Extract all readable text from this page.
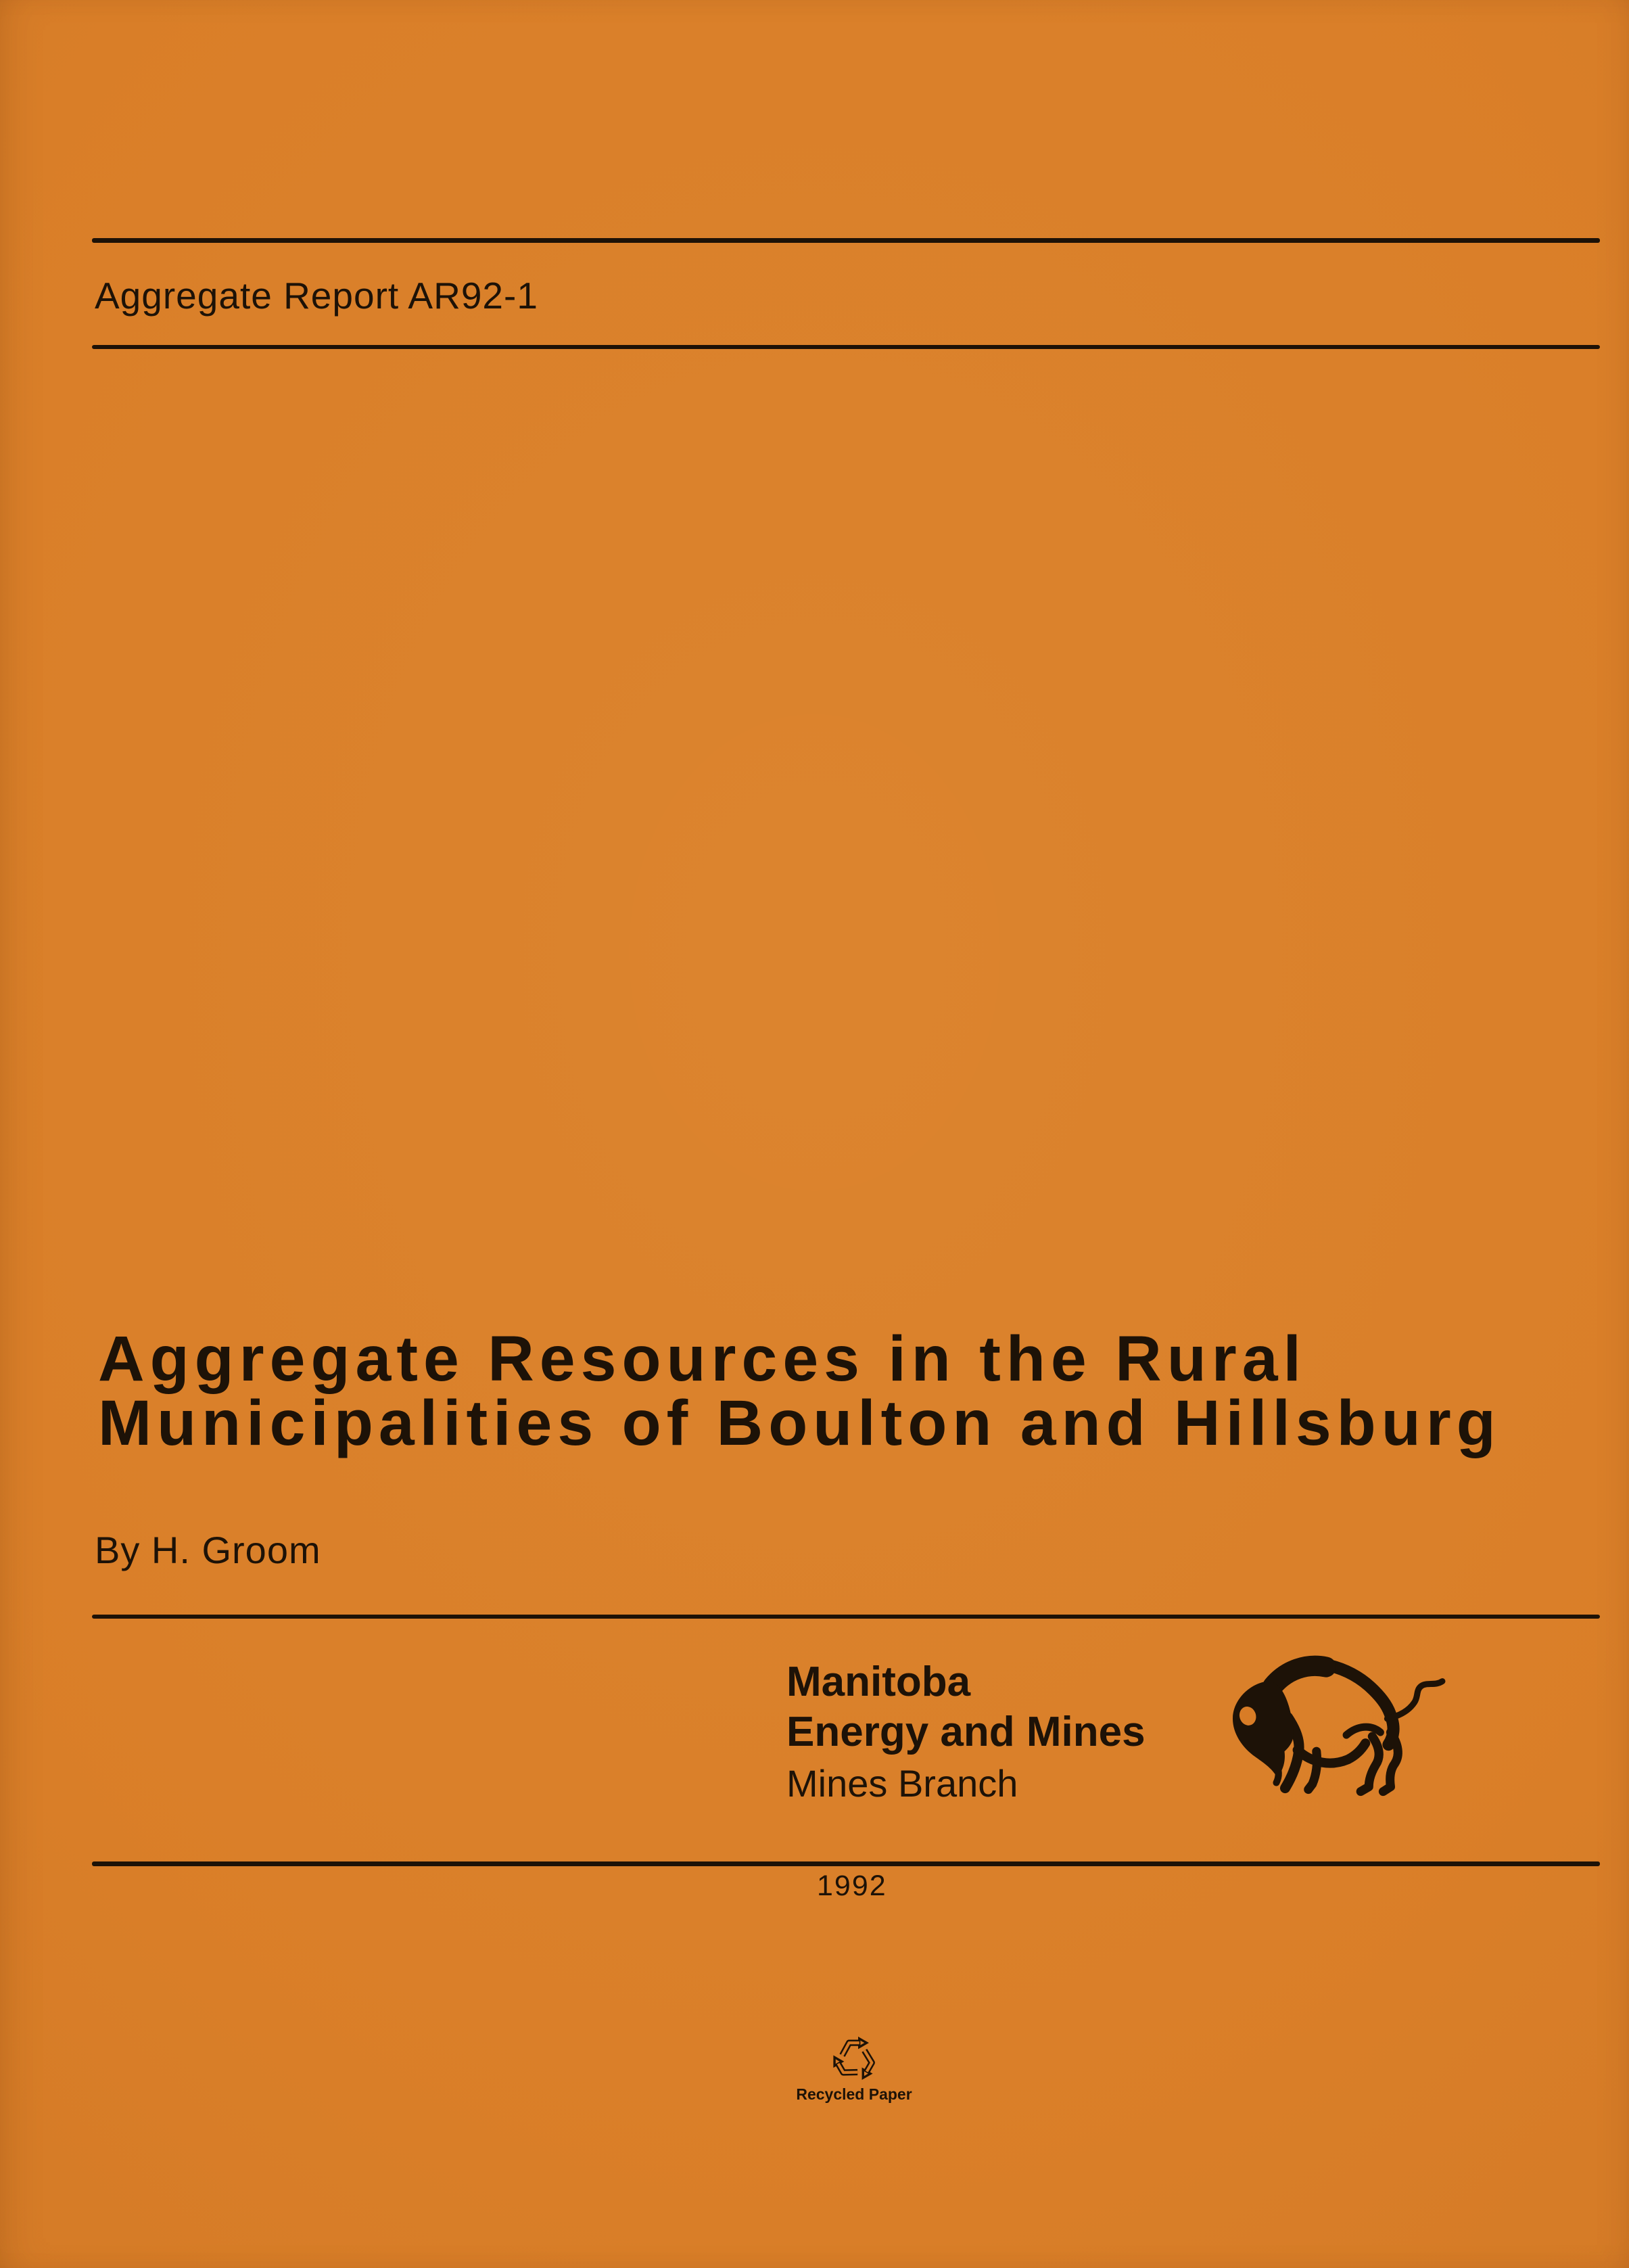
Aggregate Report AR92-1
Aggregate Resources in the Rural
Municipalities of Boulton and Hillsburg
By H. Groom
Manitoba
Energy and Mines
Mines Branch
1992
Recycled Paper
